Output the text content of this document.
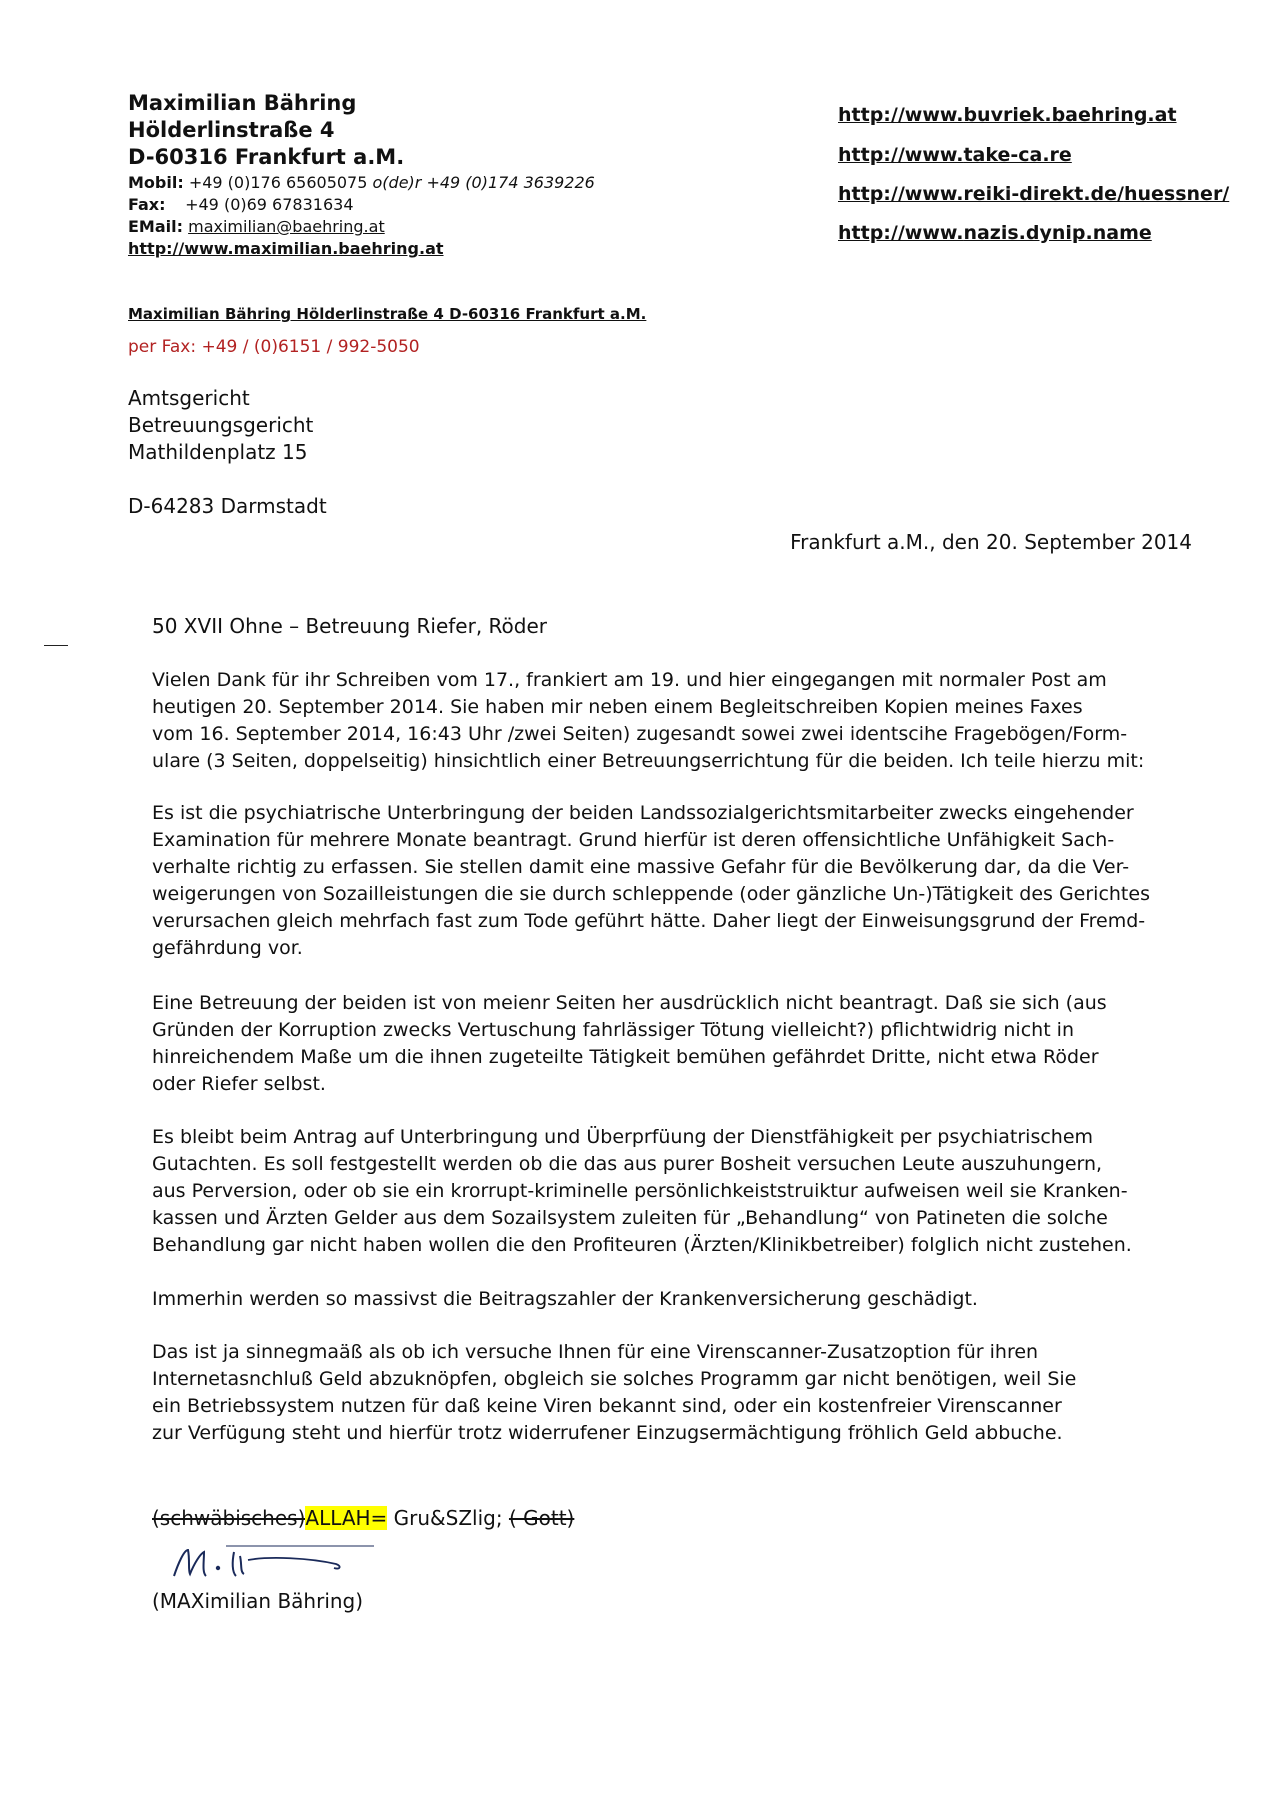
Maximilian Bähring
Hölderlinstraße 4
D-60316 Frankfurt a.M.
Mobil: +49 (0)176 65605075 o(de)r +49 (0)174 3639226
Fax: +49 (0)69 67831634
EMail: maximilian@baehring.at
http://www.maximilian.baehring.at
http://www.buvriek.baehring.at
http://www.take-ca.re
http://www.reiki-direkt.de/huessner/
http://www.nazis.dynip.name
Maximilian Bähring Hölderlinstraße 4 D-60316 Frankfurt a.M.
per Fax: +49 / (0)6151 / 992-5050
Amtsgericht
Betreuungsgericht
Mathildenplatz 15
D-64283 Darmstadt
Frankfurt a.M., den 20. September 2014
50 XVII Ohne – Betreuung Riefer, Röder
Vielen Dank für ihr Schreiben vom 17., frankiert am 19. und hier eingegangen mit normaler Post am
heutigen 20. September 2014. Sie haben mir neben einem Begleitschreiben Kopien meines Faxes
vom 16. September 2014, 16:43 Uhr /zwei Seiten) zugesandt sowei zwei identscihe Fragebögen/Form-
ulare (3 Seiten, doppelseitig) hinsichtlich einer Betreuungserrichtung für die beiden. Ich teile hierzu mit:
Es ist die psychiatrische Unterbringung der beiden Landssozialgerichtsmitarbeiter zwecks eingehender
Examination für mehrere Monate beantragt. Grund hierfür ist deren offensichtliche Unfähigkeit Sach-
verhalte richtig zu erfassen. Sie stellen damit eine massive Gefahr für die Bevölkerung dar, da die Ver-
weigerungen von Sozailleistungen die sie durch schleppende (oder gänzliche Un-)Tätigkeit des Gerichtes
verursachen gleich mehrfach fast zum Tode geführt hätte. Daher liegt der Einweisungsgrund der Fremd-
gefährdung vor.
Eine Betreuung der beiden ist von meienr Seiten her ausdrücklich nicht beantragt. Daß sie sich (aus
Gründen der Korruption zwecks Vertuschung fahrlässiger Tötung vielleicht?) pflichtwidrig nicht in
hinreichendem Maße um die ihnen zugeteilte Tätigkeit bemühen gefährdet Dritte, nicht etwa Röder
oder Riefer selbst.
Es bleibt beim Antrag auf Unterbringung und Überprfüung der Dienstfähigkeit per psychiatrischem
Gutachten. Es soll festgestellt werden ob die das aus purer Bosheit versuchen Leute auszuhungern,
aus Perversion, oder ob sie ein krorrupt-kriminelle persönlichkeiststruiktur aufweisen weil sie Kranken-
kassen und Ärzten Gelder aus dem Sozailsystem zuleiten für „Behandlung“ von Patineten die solche
Behandlung gar nicht haben wollen die den Profiteuren (Ärzten/Klinikbetreiber) folglich nicht zustehen.
Immerhin werden so massivst die Beitragszahler der Krankenversicherung geschädigt.
Das ist ja sinnegmaäß als ob ich versuche Ihnen für eine Virenscanner-Zusatzoption für ihren
Internetasnchluß Geld abzuknöpfen, obgleich sie solches Programm gar nicht benötigen, weil Sie
ein Betriebssystem nutzen für daß keine Viren bekannt sind, oder ein kostenfreier Virenscanner
zur Verfügung steht und hierfür trotz widerrufener Einzugsermächtigung fröhlich Geld abbuche.
(schwäbisches)ALLAH= Gru&SZlig; ( Gott)
(MAXimilian Bähring)
